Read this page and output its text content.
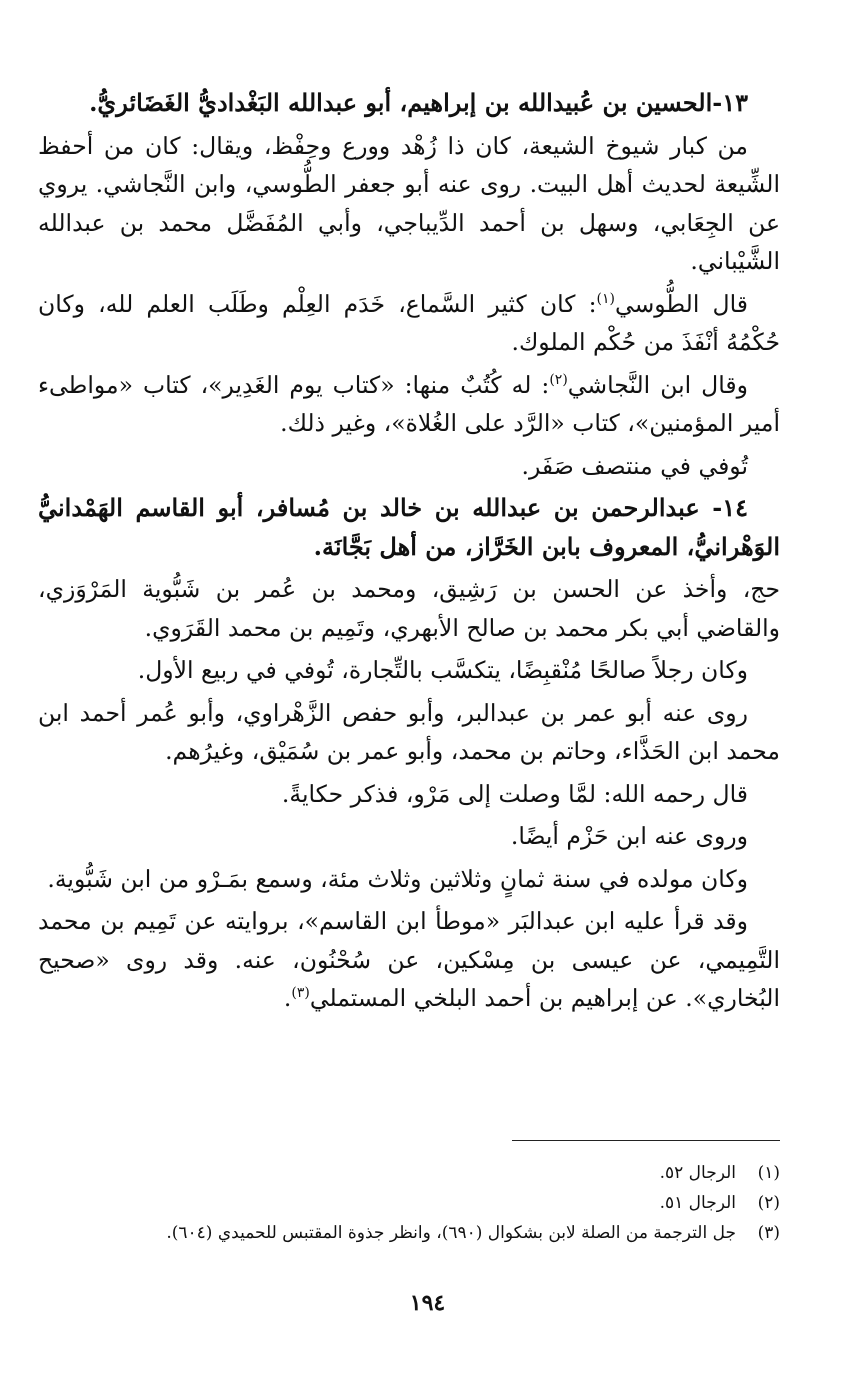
١٣-الحسين بن عُبيدالله بن إبراهيم، أبو عبدالله البَغْداديُّ الغَضَائريُّ.

من كبار شيوخ الشيعة، كان ذا زُهْد وورع وحِفْظ، ويقال: كان من أحفظ الشِّيعة لحديث أهل البيت. روى عنه أبو جعفر الطُّوسي، وابن النَّجاشي. يروي عن الجِعَابي، وسهل بن أحمد الدِّيباجي، وأبي المُفَضَّل محمد بن عبدالله الشَّيْباني.

قال الطُّوسي$^{(١)}$: كان كثير السَّماع، خَدَم العِلْم وطَلَب العلم لله، وكان حُكْمُهُ أنْفَذَ من حُكْم الملوك.

وقال ابن النَّجاشي$^{(٢)}$: له كُتُبٌ منها: «كتاب يوم الغَدِير»، كتاب «مواطىء أمير المؤمنين»، كتاب «الرَّد على الغُلاة»، وغير ذلك.

تُوفي في منتصف صَفَر.

١٤- عبدالرحمن بن عبدالله بن خالد بن مُسافر، أبو القاسم الهَمْدانيُّ الوَهْرانيُّ، المعروف بابن الخَرَّاز، من أهل بَجَّانَة.

حج، وأخذ عن الحسن بن رَشِيق، ومحمد بن عُمر بن شَبُّوية المَرْوَزي، والقاضي أبي بكر محمد بن صالح الأبهري، وتَمِيم بن محمد القَرَوي.

وكان رجلاً صالحًا مُنْقبِضًا، يتكسَّب بالتِّجارة، تُوفي في ربيع الأول.

روى عنه أبو عمر بن عبدالبر، وأبو حفص الزَّهْراوي، وأبو عُمر أحمد ابن محمد ابن الحَذَّاء، وحاتم بن محمد، وأبو عمر بن سُمَيْق، وغيرُهم.

قال رحمه الله: لمَّا وصلت إلى مَرْو، فذكر حكايةً.

وروى عنه ابن حَزْم أيضًا.

وكان مولده في سنة ثمانٍ وثلاثين وثلاث مئة، وسمع بمَـرْو من ابن شَبُّوية.

وقد قرأ عليه ابن عبدالبَر «موطأ ابن القاسم»، بروايته عن تَمِيم بن محمد التَّمِيمي، عن عيسى بن مِسْكين، عن سُحْنُون، عنه. وقد روى «صحيح البُخاري». عن إبراهيم بن أحمد البلخي المستملي$^{(٣)}$.

(١)
الرجال ٥٢.
(٢)
الرجال ٥١.
(٣)
جل الترجمة من الصلة لابن بشكوال (٦٩٠)، وانظر جذوة المقتبس للحميدي (٦٠٤).
١٩٤
